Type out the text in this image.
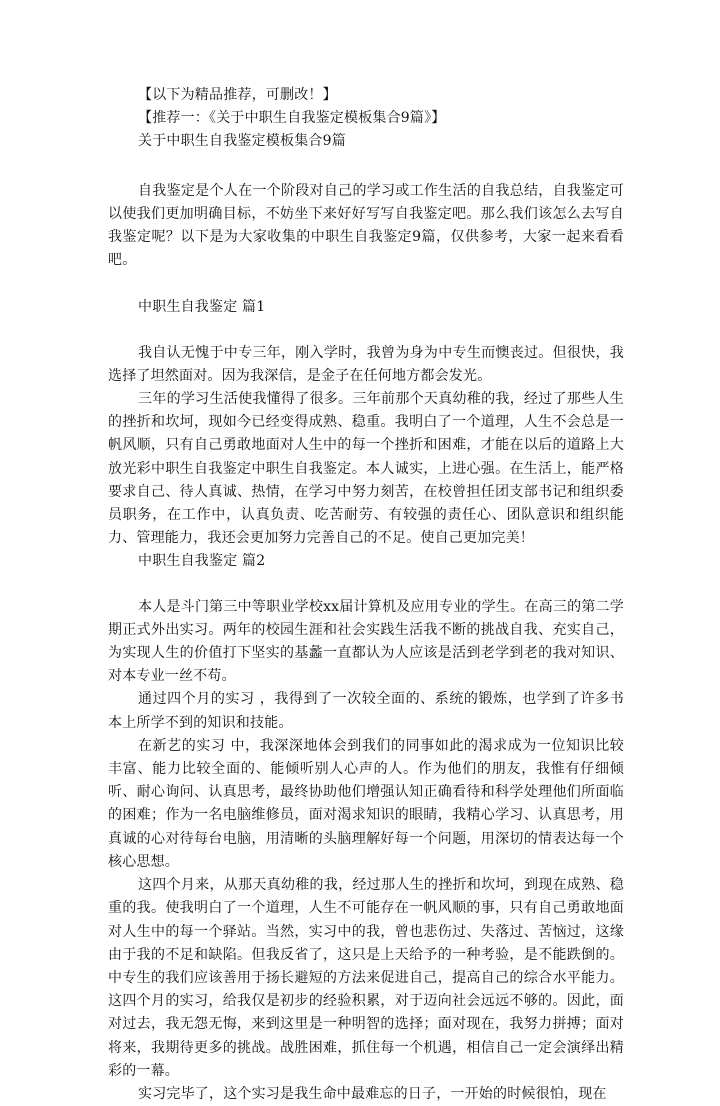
【以下为精品推荐，可删改！】

【推荐一：《关于中职生自我鉴定模板集合9篇》】

关于中职生自我鉴定模板集合9篇

自我鉴定是个人在一个阶段对自己的学习或工作生活的自我总结，自我鉴定可以使我们更加明确目标，不妨坐下来好好写写自我鉴定吧。那么我们该怎么去写自我鉴定呢？以下是为大家收集的中职生自我鉴定9篇，仅供参考，大家一起来看看吧。

中职生自我鉴定 篇1

我自认无愧于中专三年，刚入学时，我曾为身为中专生而懊丧过。但很快，我选择了坦然面对。因为我深信，是金子在任何地方都会发光。

三年的学习生活使我懂得了很多。三年前那个天真幼稚的我，经过了那些人生的挫折和坎坷，现如今已经变得成熟、稳重。我明白了一个道理，人生不会总是一帆风顺，只有自己勇敢地面对人生中的每一个挫折和困难，才能在以后的道路上大放光彩中职生自我鉴定中职生自我鉴定。本人诚实，上进心强。在生活上，能严格要求自己、待人真诚、热情，在学习中努力刻苦，在校曾担任团支部书记和组织委员职务，在工作中，认真负责、吃苦耐劳、有较强的责任心、团队意识和组织能力、管理能力，我还会更加努力完善自己的不足。使自己更加完美！

中职生自我鉴定 篇2

本人是斗门第三中等职业学校xx届计算机及应用专业的学生。在高三的第二学期正式外出实习。两年的校园生涯和社会实践生活我不断的挑战自我、充实自己，为实现人生的价值打下坚实的基蠡一直都认为人应该是活到老学到老的我对知识、对本专业一丝不苟。

通过四个月的实习 ，我得到了一次较全面的、系统的锻炼，也学到了许多书本上所学不到的知识和技能。

在新艺的实习 中，我深深地体会到我们的同事如此的渴求成为一位知识比较丰富、能力比较全面的、能倾听别人心声的人。作为他们的朋友，我惟有仔细倾听、耐心询问、认真思考，最终协助他们增强认知正确看待和科学处理他们所面临的困难；作为一名电脑维修员，面对渴求知识的眼睛，我精心学习、认真思考，用真诚的心对待每台电脑，用清晰的头脑理解好每一个问题，用深切的情表达每一个核心思想。

这四个月来，从那天真幼稚的我，经过那人生的挫折和坎坷，到现在成熟、稳重的我。使我明白了一个道理，人生不可能存在一帆风顺的事，只有自己勇敢地面对人生中的每一个驿站。当然，实习中的我，曾也悲伤过、失落过、苦恼过，这缘由于我的不足和缺陷。但我反省了，这只是上天给予的一种考验，是不能跌倒的。中专生的我们应该善用于扬长避短的方法来促进自己，提高自己的综合水平能力。这四个月的实习，给我仅是初步的经验积累，对于迈向社会远远不够的。因此，面对过去，我无怨无悔，来到这里是一种明智的选择；面对现在，我努力拼搏；面对将来，我期待更多的挑战。战胜困难，抓住每一个机遇，相信自己一定会演绎出精彩的一幕。

实习完毕了，这个实习是我生命中最难忘的日子，一开始的时候很怕，现在
